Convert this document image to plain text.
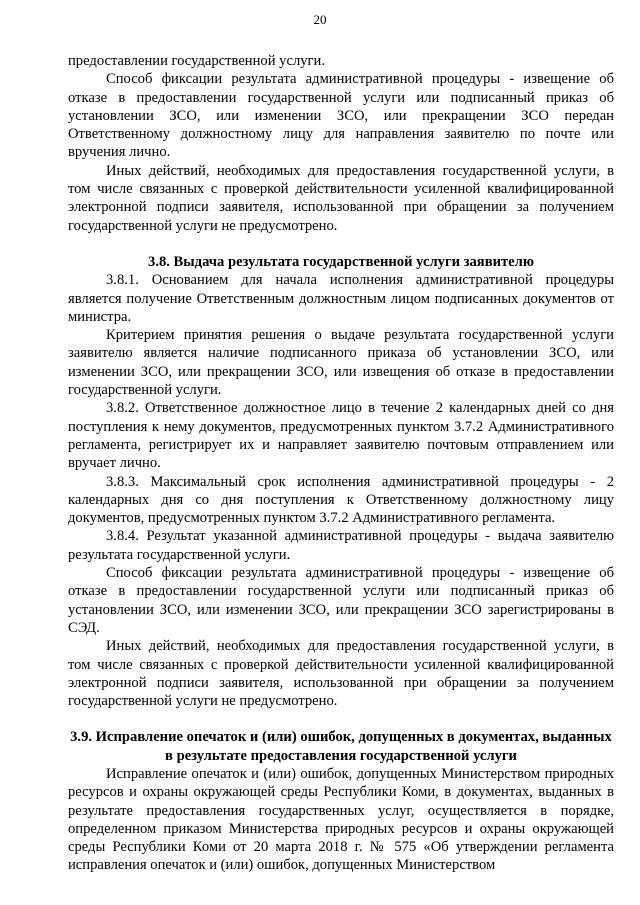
20

предоставлении государственной услуги.

Способ фиксации результата административной процедуры - извещение об отказе в предоставлении государственной услуги или подписанный приказ об установлении ЗСО, или изменении ЗСО, или прекращении ЗСО передан Ответственному должностному лицу для направления заявителю по почте или вручения лично.

Иных действий, необходимых для предоставления государственной услуги, в том числе связанных с проверкой действительности усиленной квалифицированной электронной подписи заявителя, использованной при обращении за получением государственной услуги не предусмотрено.

3.8. Выдача результата государственной услуги заявителю

3.8.1. Основанием для начала исполнения административной процедуры является получение Ответственным должностным лицом подписанных документов от министра.

Критерием принятия решения о выдаче результата государственной услуги заявителю является наличие подписанного приказа об установлении ЗСО, или изменении ЗСО, или прекращении ЗСО, или извещения об отказе в предоставлении государственной услуги.

3.8.2. Ответственное должностное лицо в течение 2 календарных дней со дня поступления к нему документов, предусмотренных пунктом 3.7.2 Административного регламента, регистрирует их и направляет заявителю почтовым отправлением или вручает лично.

3.8.3. Максимальный срок исполнения административной процедуры - 2 календарных дня со дня поступления к Ответственному должностному лицу документов, предусмотренных пунктом 3.7.2 Административного регламента.

3.8.4. Результат указанной административной процедуры - выдача заявителю результата государственной услуги.

Способ фиксации результата административной процедуры - извещение об отказе в предоставлении государственной услуги или подписанный приказ об установлении ЗСО, или изменении ЗСО, или прекращении ЗСО зарегистрированы в СЭД.

Иных действий, необходимых для предоставления государственной услуги, в том числе связанных с проверкой действительности усиленной квалифицированной электронной подписи заявителя, использованной при обращении за получением государственной услуги не предусмотрено.

3.9. Исправление опечаток и (или) ошибок, допущенных в документах, выданных в результате предоставления государственной услуги

Исправление опечаток и (или) ошибок, допущенных Министерством природных ресурсов и охраны окружающей среды Республики Коми, в документах, выданных в результате предоставления государственных услуг, осуществляется в порядке, определенном приказом Министерства природных ресурсов и охраны окружающей среды Республики Коми от 20 марта 2018 г. № 575 «Об утверждении регламента исправления опечаток и (или) ошибок, допущенных Министерством
